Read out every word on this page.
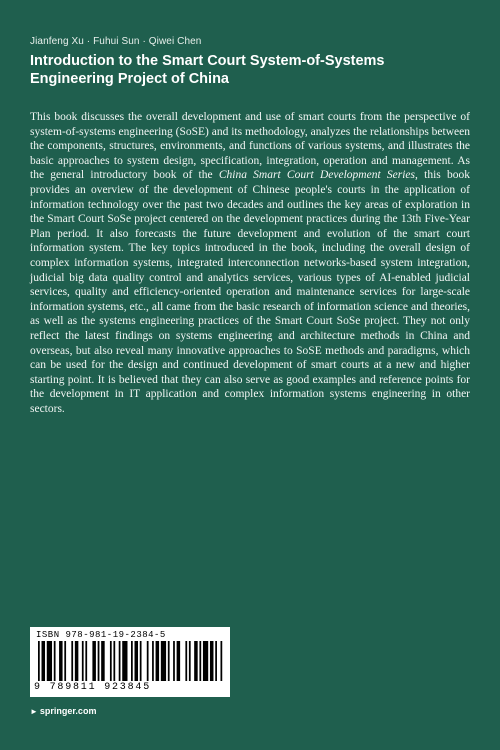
Jianfeng Xu · Fuhui Sun · Qiwei Chen
Introduction to the Smart Court System-of-Systems Engineering Project of China

This book discusses the overall development and use of smart courts from the perspective of system-of-systems engineering (SoSE) and its methodology, analyzes the relationships between the components, structures, environments, and functions of various systems, and illustrates the basic approaches to system design, specification, integration, operation and management. As the general introductory book of the China Smart Court Development Series, this book provides an overview of the development of Chinese people's courts in the application of information technology over the past two decades and outlines the key areas of exploration in the Smart Court SoSe project centered on the development practices during the 13th Five-Year Plan period. It also forecasts the future development and evolution of the smart court information system. The key topics introduced in the book, including the overall design of complex information systems, integrated interconnection networks-based system integration, judicial big data quality control and analytics services, various types of AI-enabled judicial services, quality and efficiency-oriented operation and maintenance services for large-scale information systems, etc., all came from the basic research of information science and theories, as well as the systems engineering practices of the Smart Court SoSe project. They not only reflect the latest findings on systems engineering and architecture methods in China and overseas, but also reveal many innovative approaches to SoSE methods and paradigms, which can be used for the design and continued development of smart courts at a new and higher starting point. It is believed that they can also serve as good examples and reference points for the development in IT application and complex information systems engineering in other sectors.

ISBN 978-981-19-2384-5
9 789811 923845
► springer.com
